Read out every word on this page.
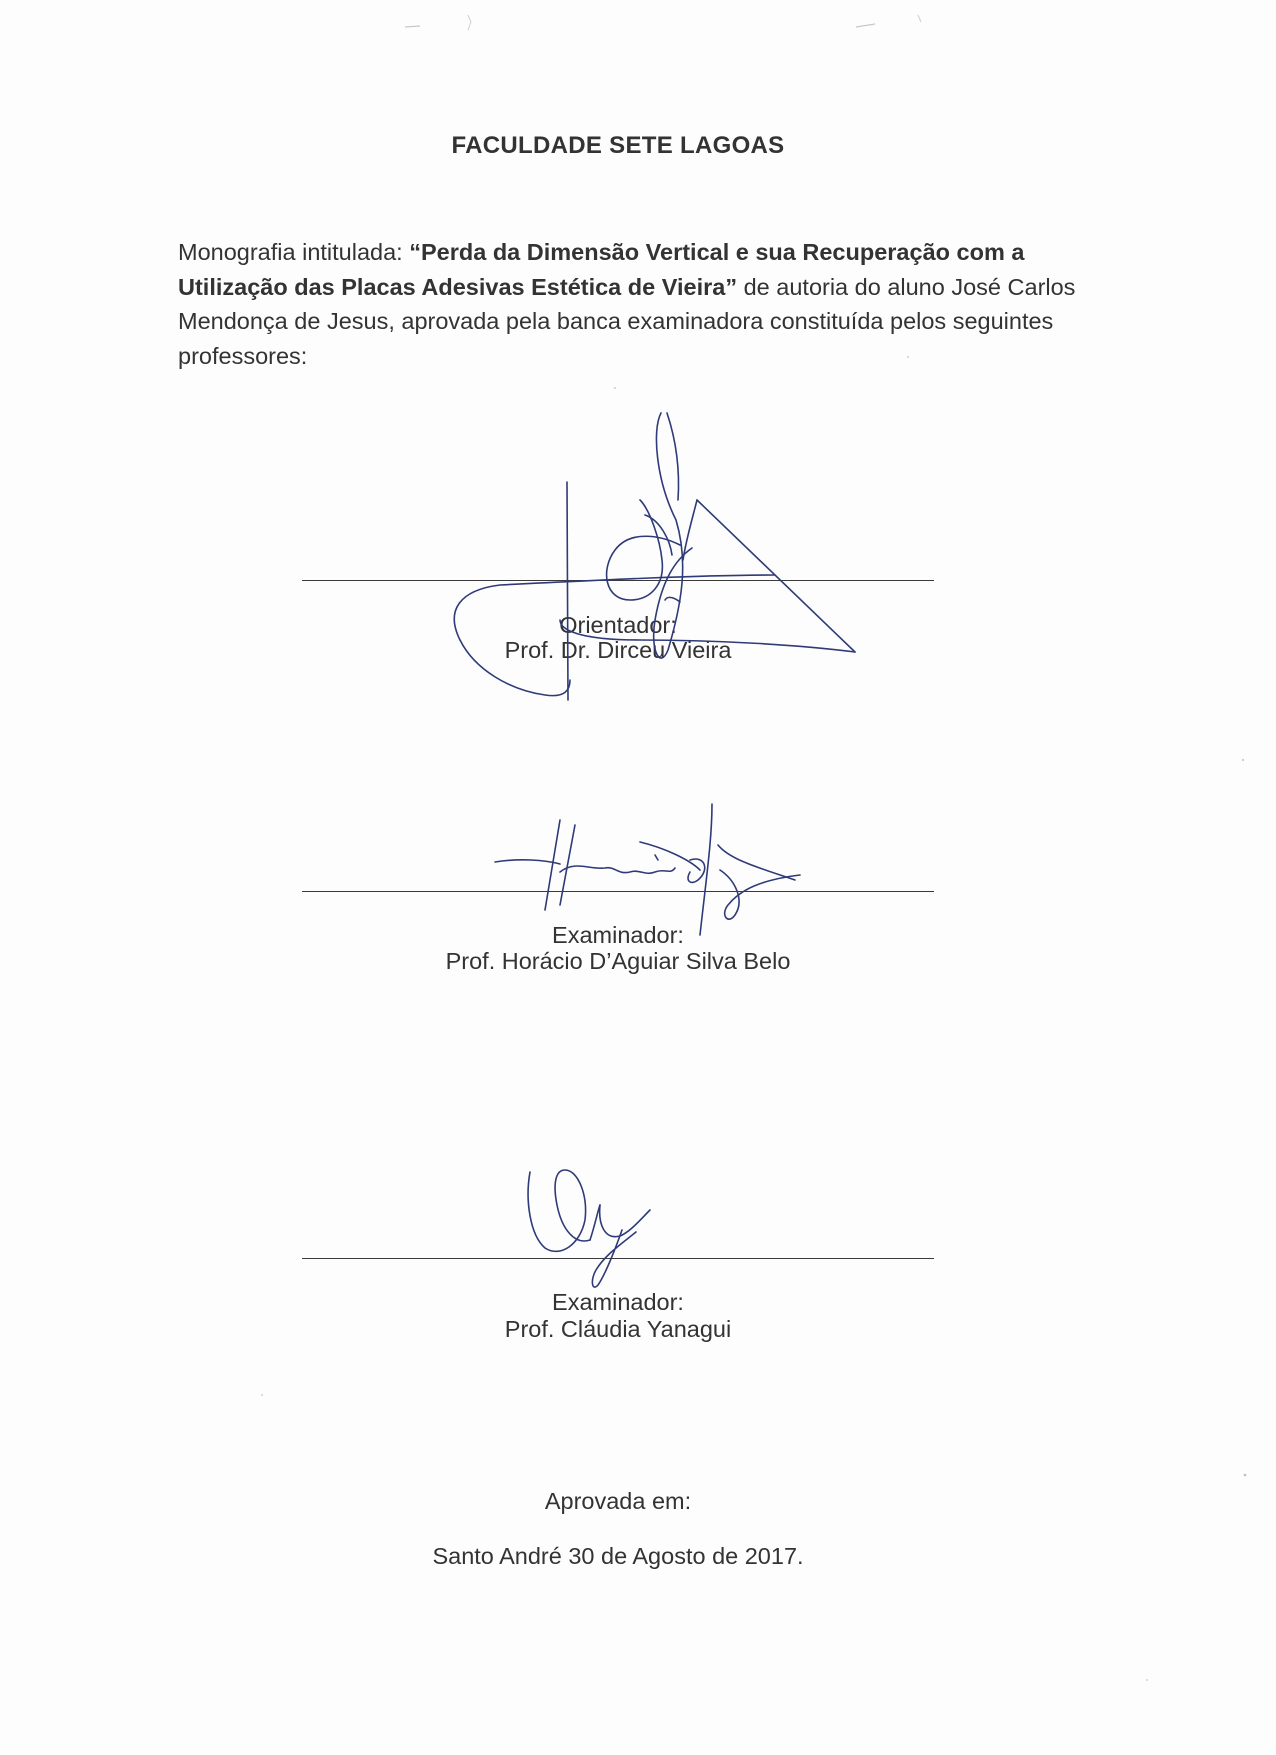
FACULDADE SETE LAGOAS
Monografia intitulada: “Perda da Dimensão Vertical e sua Recuperação com a Utilização das Placas Adesivas Estética de Vieira” de autoria do aluno José Carlos Mendonça de Jesus, aprovada pela banca examinadora constituída pelos seguintes professores:
Orientador:
Prof. Dr. Dirceu Vieira
Examinador:
Prof. Horácio D’Aguiar Silva Belo
Examinador:
Prof. Cláudia Yanagui
Aprovada em:
Santo André 30 de Agosto de 2017.
